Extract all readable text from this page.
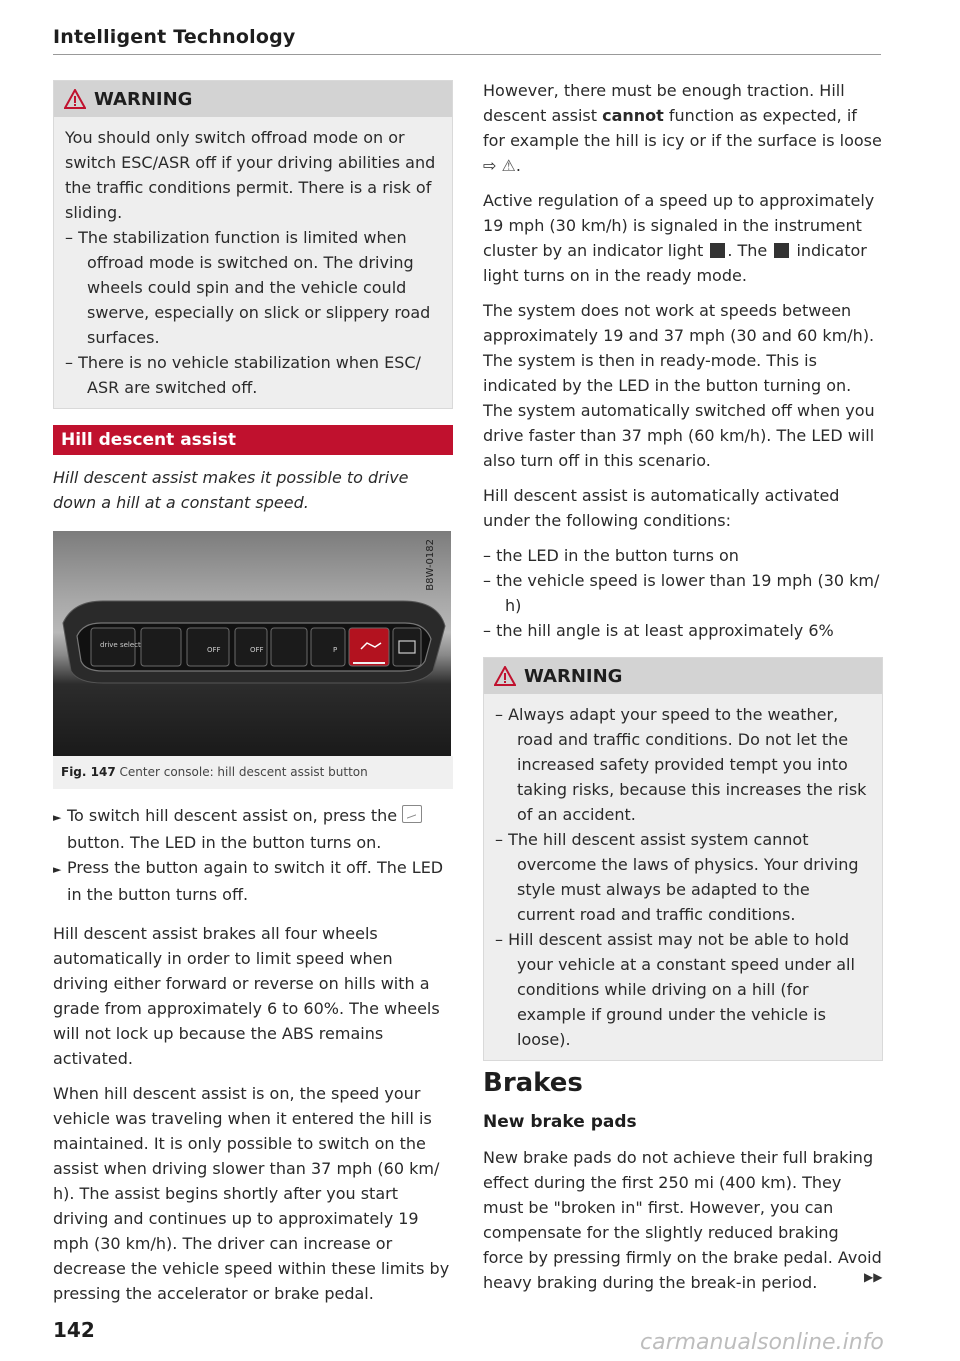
Intelligent Technology
WARNING

You should only switch offroad mode on or switch ESC/ASR off if your driving abilities and the traffic conditions permit. There is a risk of sliding.

– The stabilization function is limited when offroad mode is switched on. The driving wheels could spin and the vehicle could swerve, especially on slick or slippery road surfaces.

– There is no vehicle stabilization when ESC/ ASR are switched off.

Hill descent assist

Hill descent assist makes it possible to drive down a hill at a constant speed.

B8W-0182
drive select
OFF	OFF	P
Fig. 147 Center console: hill descent assist button

► To switch hill descent assist on, press the  button. The LED in the button turns on.

► Press the button again to switch it off. The LED in the button turns off.

Hill descent assist brakes all four wheels automatically in order to limit speed when driving either forward or reverse on hills with a grade from approximately 6 to 60%. The wheels will not lock up because the ABS remains activated.

When hill descent assist is on, the speed your vehicle was traveling when it entered the hill is maintained. It is only possible to switch on the assist when driving slower than 37 mph (60 km/ h). The assist begins shortly after you start driving and continues up to approximately 19 mph (30 km/h). The driver can increase or decrease the vehicle speed within these limits by pressing the accelerator or brake pedal.

However, there must be enough traction. Hill descent assist cannot function as expected, if for example the hill is icy or if the surface is loose ⇨ ⚠.

Active regulation of a speed up to approximately 19 mph (30 km/h) is signaled in the instrument cluster by an indicator light . The indicator light turns on in the ready mode.

The system does not work at speeds between approximately 19 and 37 mph (30 and 60 km/h). The system is then in ready-mode. This is indicated by the LED in the button turning on. The system automatically switched off when you drive faster than 37 mph (60 km/h). The LED will also turn off in this scenario.

Hill descent assist is automatically activated under the following conditions:

– the LED in the button turns on

– the vehicle speed is lower than 19 mph (30 km/ h)

– the hill angle is at least approximately 6%

WARNING

– Always adapt your speed to the weather, road and traffic conditions. Do not let the increased safety provided tempt you into taking risks, because this increases the risk of an accident.

– The hill descent assist system cannot overcome the laws of physics. Your driving style must always be adapted to the current road and traffic conditions.

– Hill descent assist may not be able to hold your vehicle at a constant speed under all conditions while driving on a hill (for example if ground under the vehicle is loose).

Brakes
New brake pads

New brake pads do not achieve their full braking effect during the first 250 mi (400 km). They must be "broken in" first. However, you can compensate for the slightly reduced braking force by pressing firmly on the brake pedal. Avoid heavy braking during the break-in period.	▶▶
142	carmanualsonline.info
